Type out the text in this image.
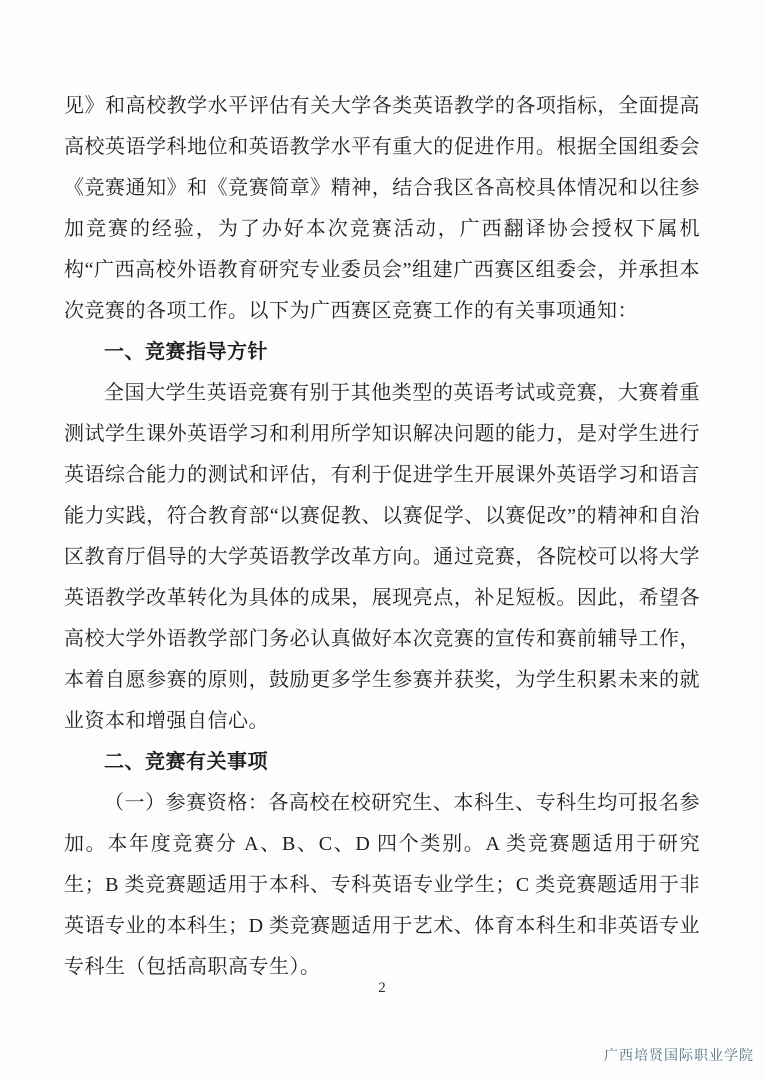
见》和高校教学水平评估有关大学各类英语教学的各项指标，全面提高高校英语学科地位和英语教学水平有重大的促进作用。根据全国组委会《竞赛通知》和《竞赛简章》精神，结合我区各高校具体情况和以往参加竞赛的经验，为了办好本次竞赛活动，广西翻译协会授权下属机构“广西高校外语教育研究专业委员会”组建广西赛区组委会，并承担本次竞赛的各项工作。以下为广西赛区竞赛工作的有关事项通知：

一、竞赛指导方针

全国大学生英语竞赛有别于其他类型的英语考试或竞赛，大赛着重测试学生课外英语学习和利用所学知识解决问题的能力，是对学生进行英语综合能力的测试和评估，有利于促进学生开展课外英语学习和语言能力实践，符合教育部“以赛促教、以赛促学、以赛促改”的精神和自治区教育厅倡导的大学英语教学改革方向。通过竞赛，各院校可以将大学英语教学改革转化为具体的成果，展现亮点，补足短板。因此，希望各高校大学外语教学部门务必认真做好本次竞赛的宣传和赛前辅导工作，本着自愿参赛的原则，鼓励更多学生参赛并获奖，为学生积累未来的就业资本和增强自信心。

二、竞赛有关事项

（一）参赛资格：各高校在校研究生、本科生、专科生均可报名参加。本年度竞赛分 A、B、C、D 四个类别。A 类竞赛题适用于研究生；B 类竞赛题适用于本科、专科英语专业学生；C 类竞赛题适用于非英语专业的本科生；D 类竞赛题适用于艺术、体育本科生和非英语专业专科生（包括高职高专生）。

2
广西培贤国际职业学院
